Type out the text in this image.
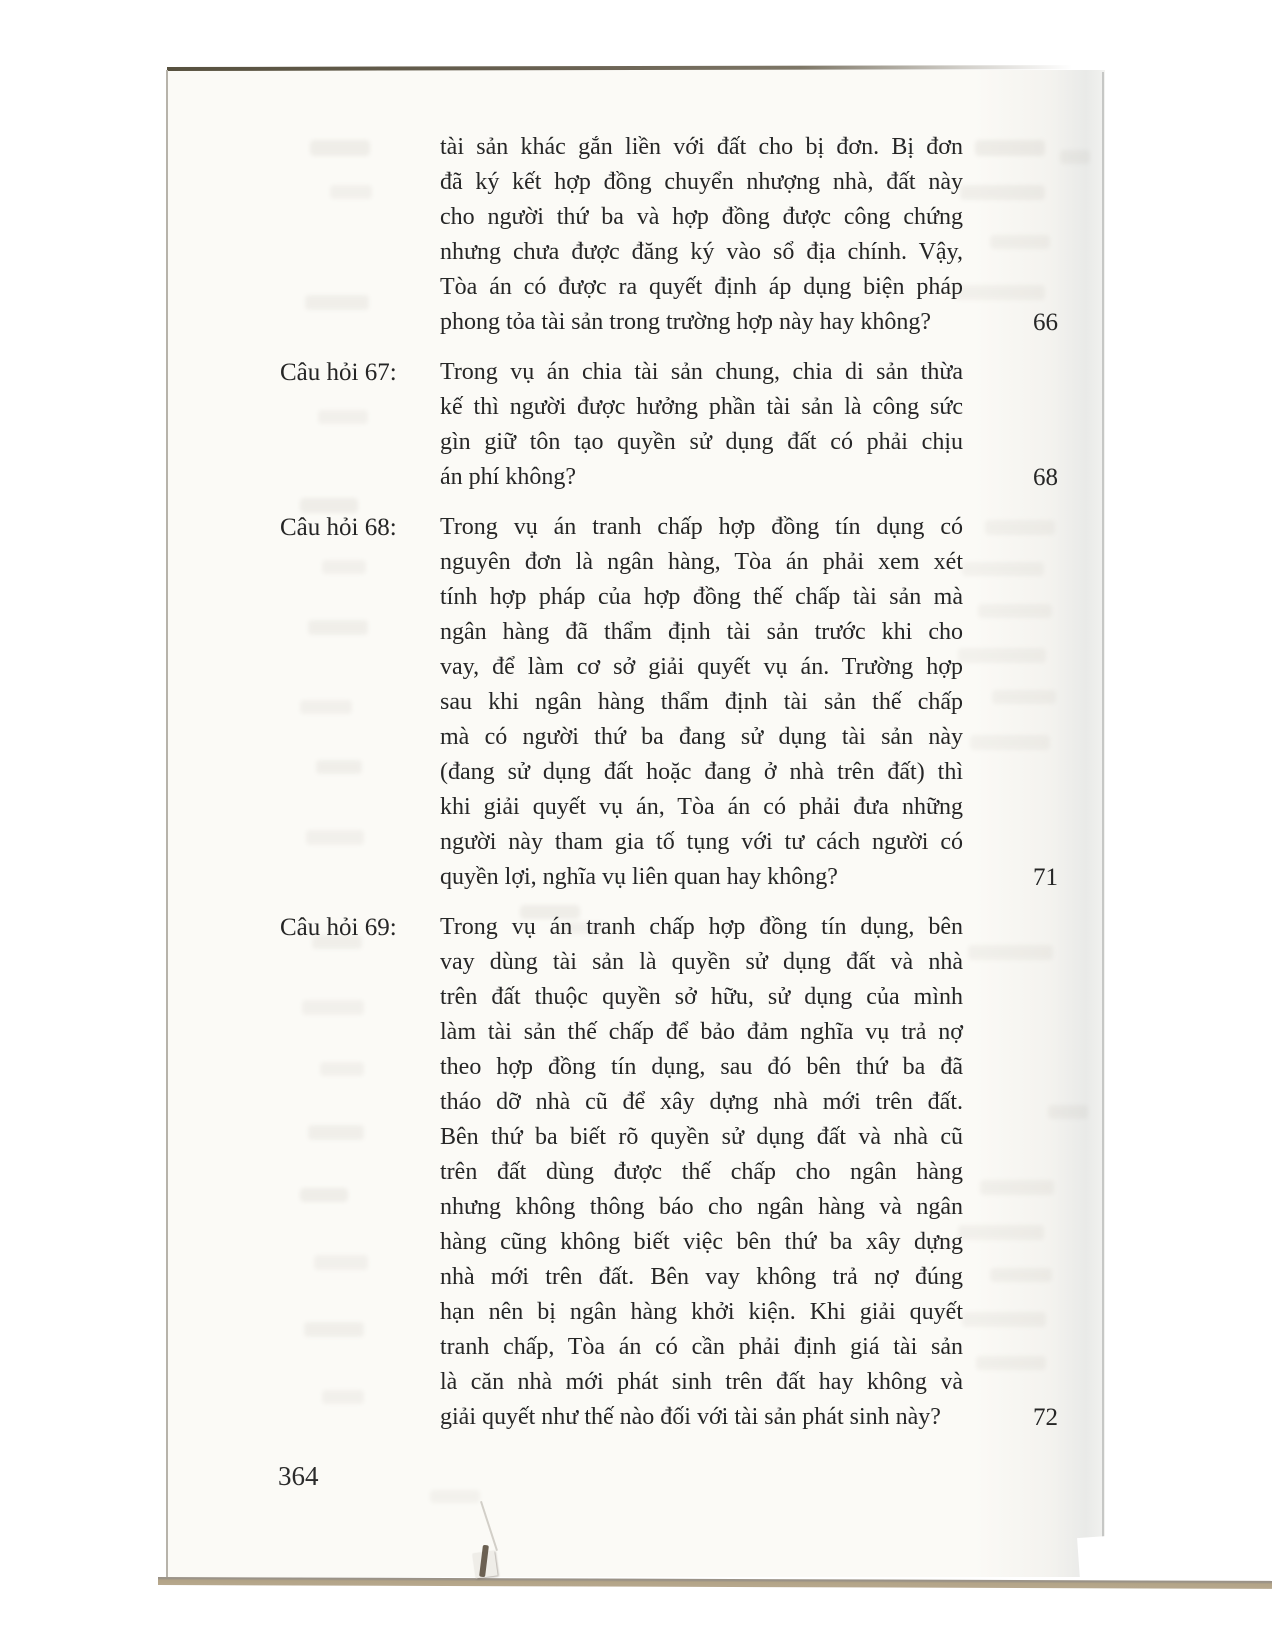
tài sản khác gắn liền với đất cho bị đơn. Bị đơn
đã ký kết hợp đồng chuyển nhượng nhà, đất này
cho người thứ ba và hợp đồng được công chứng
nhưng chưa được đăng ký vào sổ địa chính. Vậy,
Tòa án có được ra quyết định áp dụng biện pháp
phong tỏa tài sản trong trường hợp này hay không?	66
Câu hỏi 67:	Trong vụ án chia tài sản chung, chia di sản thừa
kế thì người được hưởng phần tài sản là công sức
gìn giữ tôn tạo quyền sử dụng đất có phải chịu
án phí không?	68
Câu hỏi 68:	Trong vụ án tranh chấp hợp đồng tín dụng có
nguyên đơn là ngân hàng, Tòa án phải xem xét
tính hợp pháp của hợp đồng thế chấp tài sản mà
ngân hàng đã thẩm định tài sản trước khi cho
vay, để làm cơ sở giải quyết vụ án. Trường hợp
sau khi ngân hàng thẩm định tài sản thế chấp
mà có người thứ ba đang sử dụng tài sản này
(đang sử dụng đất hoặc đang ở nhà trên đất) thì
khi giải quyết vụ án, Tòa án có phải đưa những
người này tham gia tố tụng với tư cách người có
quyền lợi, nghĩa vụ liên quan hay không?	71
Câu hỏi 69:	Trong vụ án tranh chấp hợp đồng tín dụng, bên
vay dùng tài sản là quyền sử dụng đất và nhà
trên đất thuộc quyền sở hữu, sử dụng của mình
làm tài sản thế chấp để bảo đảm nghĩa vụ trả nợ
theo hợp đồng tín dụng, sau đó bên thứ ba đã
tháo dỡ nhà cũ để xây dựng nhà mới trên đất.
Bên thứ ba biết rõ quyền sử dụng đất và nhà cũ
trên đất dùng được thế chấp cho ngân hàng
nhưng không thông báo cho ngân hàng và ngân
hàng cũng không biết việc bên thứ ba xây dựng
nhà mới trên đất. Bên vay không trả nợ đúng
hạn nên bị ngân hàng khởi kiện. Khi giải quyết
tranh chấp, Tòa án có cần phải định giá tài sản
là căn nhà mới phát sinh trên đất hay không và
giải quyết như thế nào đối với tài sản phát sinh này?	72
364
